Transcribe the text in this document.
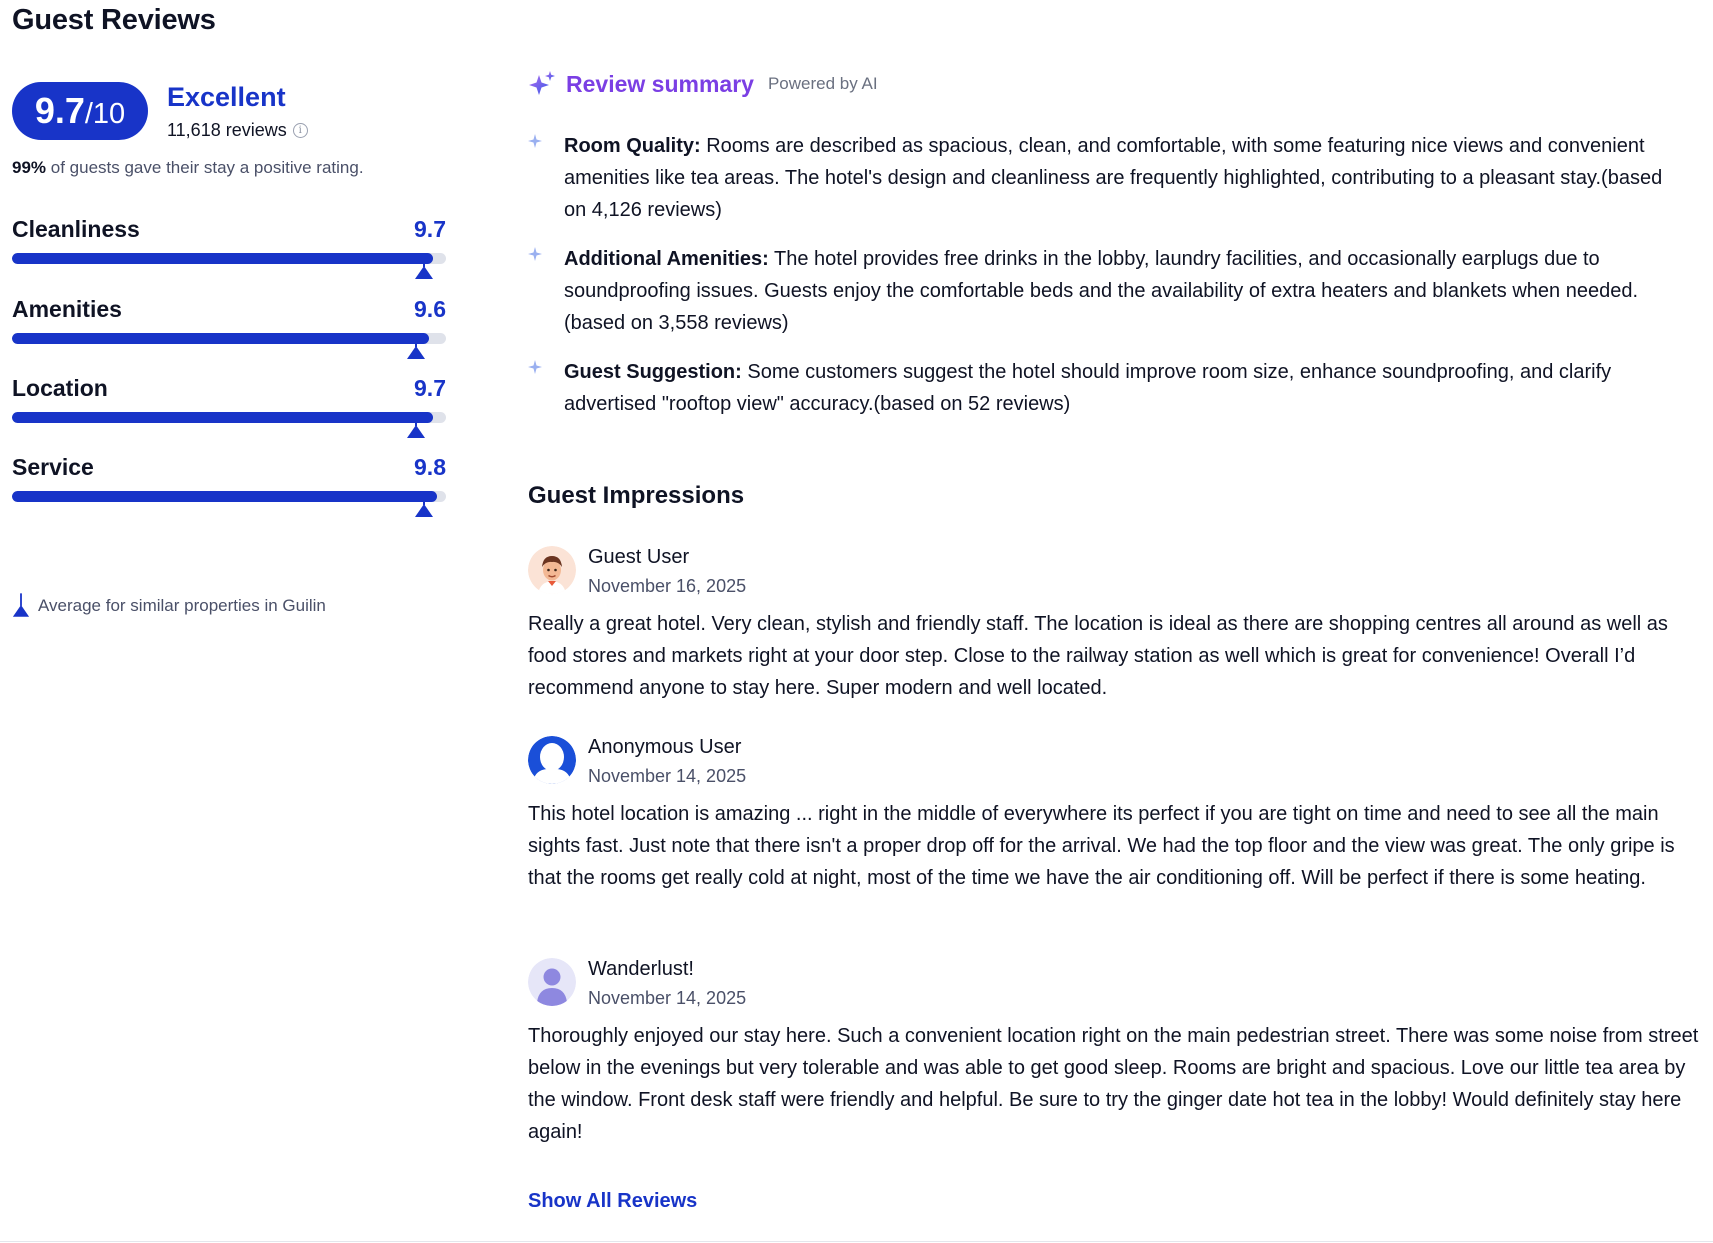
Guest Reviews
9.7 /10
Excellent
11,618 reviews	i
99% of guests gave their stay a positive rating.
Cleanliness	9.7
Amenities	9.6
Location	9.7
Service	9.8
Average for similar properties in Guilin
Review summary Powered by AI
Room Quality: Rooms are described as spacious, clean, and comfortable, with some featuring nice views and convenient amenities like tea areas. The hotel's design and cleanliness are frequently highlighted, contributing to a pleasant stay.(based on 4,126 reviews)
Additional Amenities: The hotel provides free drinks in the lobby, laundry facilities, and occasionally earplugs due to soundproofing issues. Guests enjoy the comfortable beds and the availability of extra heaters and blankets when needed.(based on 3,558 reviews)
Guest Suggestion: Some customers suggest the hotel should improve room size, enhance soundproofing, and clarify advertised "rooftop view" accuracy.(based on 52 reviews)
Guest Impressions
Guest User
November 16, 2025
Really a great hotel. Very clean, stylish and friendly staff. The location is ideal as there are shopping centres all around as well as food stores and markets right at your door step. Close to the railway station as well which is great for convenience! Overall I’d recommend anyone to stay here. Super modern and well located.
Anonymous User
November 14, 2025
This hotel location is amazing ... right in the middle of everywhere its perfect if you are tight on time and need to see all the main sights fast. Just note that there isn't a proper drop off for the arrival. We had the top floor and the view was great. The only gripe is that the rooms get really cold at night, most of the time we have the air conditioning off. Will be perfect if there is some heating.
Wanderlust!
November 14, 2025
Thoroughly enjoyed our stay here. Such a convenient location right on the main pedestrian street. There was some noise from street below in the evenings but very tolerable and was able to get good sleep. Rooms are bright and spacious. Love our little tea area by the window. Front desk staff were friendly and helpful. Be sure to try the ginger date hot tea in the lobby! Would definitely stay here again!
Show All Reviews
